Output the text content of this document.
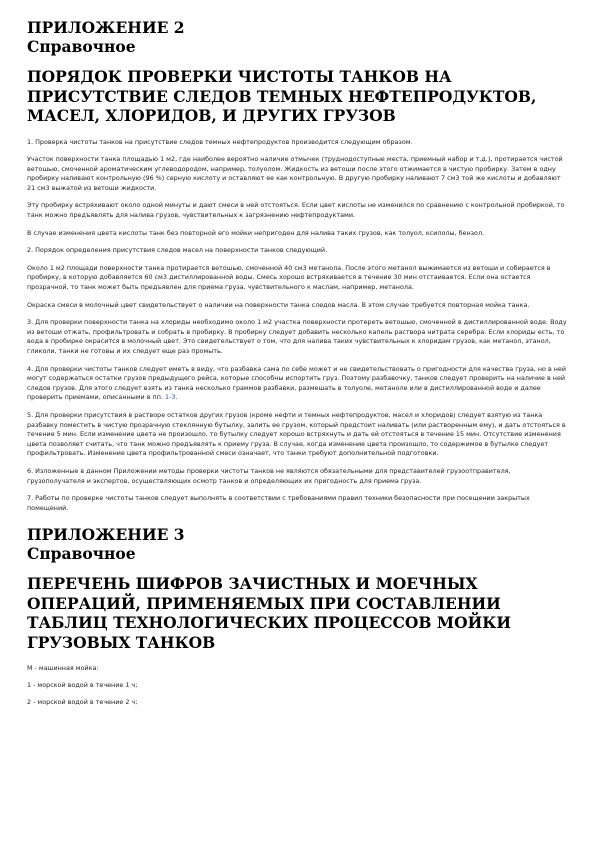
ПРИЛОЖЕНИЕ 2
Справочное
ПОРЯДОК ПРОВЕРКИ ЧИСТОТЫ ТАНКОВ НА ПРИСУТСТВИЕ СЛЕДОВ ТЕМНЫХ НЕФТЕПРОДУКТОВ, МАСЕЛ, ХЛОРИДОВ, И ДРУГИХ ГРУЗОВ

1. Проверка чистоты танков на присутствие следов темных нефтепродуктов производится следующим образом.

Участок поверхности танка площадью 1 м2, где наиболее вероятно наличие отмычек (труднодоступные места, приемный набор и т.д.), протирается чистой ветошью, смоченной ароматическим углеводородом, например, толуолом. Жидкость из ветоши после этого отжимается в чистую пробирку. Затем в одну пробирку наливают контрольную (96 %) серную кислоту и оставляют ее как контрольную. В другую пробирку наливают 7 см3 той же кислоты и добавляют 21 см3 выжатой из ветоши жидкости.

Эту пробирку встряхивают около одной минуты и дают смеси в ней отстояться. Если цвет кислоты не изменился по сравнению с контрольной пробиркой, то танк можно предъявлять для налива грузов, чувствительных к загрязнению нефтепродуктами.

В случае изменения цвета кислоты танк без повторной его мойки непригоден для налива таких грузов, как толуол, ксилолы, бензол.

2. Порядок определения присутствия следов масел на поверхности танков следующий.

Около 1 м2 площади поверхности танка протирается ветошью, смоченной 40 см3 метанола. После этого метанол выжимается из ветоши и собирается в пробирку, в которую добавляется 60 см3 дистиллированной воды. Смесь хорошо встряхивается в течение 30 мин отстаивается. Если она остается прозрачной, то танк может быть предъявлен для приема груза, чувствительного к маслам, например, метанола.

Окраска смеси в молочный цвет свидетельствует о наличии на поверхности танка следов масла. В этом случае требуется повторная мойка танка.

3. Для проверки поверхности танка на хлориды необходимо около 1 м2 участка поверхности протереть ветошью, смоченной в дистиллированной воде. Воду из ветоши отжать, профильтровать и собрать в пробирку. В пробирку следует добавить несколько капель раствора нитрата серебра. Если хлориды есть, то вода в пробирке окрасится в молочный цвет. Это свидетельствует о том, что для налива таких чувствительных к хлоридам грузов, как метанол, этанол, гликоли, танки не готовы и их следует еще раз промыть.

4. Для проверки чистоты танков следует иметь в виду, что разбавка сама по себе может и не свидетельствовать о пригодности для качества груза, но в ней могут содержаться остатки грузов предыдущего рейса, которые способны испортить груз. Поэтому разбавочку, танков следует проверить на наличие в ней следов грузов. Для этого следует взять из танка несколько граммов разбавки, размешать в толуоле, метаноле или в дистиллированной воде и далее проверить приемами, описанными в пп. 1-3.

5. Для проверки присутствия в растворе остатков других грузов (кроме нефти и темных нефтепродуктов, масел и хлоридов) следует взятую из танка разбавку поместить в чистую прозрачную стеклянную бутылку, залить ее грузом, который предстоит наливать (или растворенным ему), и дать отстояться в течение 5 мин. Если изменение цвета не произошло, то бутылку следует хорошо встряхнуть и дать ей отстояться в течение 15 мин. Отсутствие изменения цвета позволяет считать, что танк можно предъявлять к приему груза. В случае, когда изменение цвета произошло, то содержимое в бутылке следует профильтровать. Изменение цвета профильтрованной смеси означает, что танки требуют дополнительной подготовки.

6. Изложенные в данном Приложении методы проверки чистоты танков не являются обязательными для представителей грузоотправителя, грузополучателя и экспертов, осуществляющих осмотр танков и определяющих их пригодность для приема груза.

7. Работы по проверке чистоты танков следует выполнять в соответствии с требованиями правил техники безопасности при посещении закрытых помещений.

ПРИЛОЖЕНИЕ 3
Справочное
ПЕРЕЧЕНЬ ШИФРОВ ЗАЧИСТНЫХ И МОЕЧНЫХ ОПЕРАЦИЙ, ПРИМЕНЯЕМЫХ ПРИ СОСТАВЛЕНИИ ТАБЛИЦ ТЕХНОЛОГИЧЕСКИХ ПРОЦЕССОВ МОЙКИ ГРУЗОВЫХ ТАНКОВ

M - машинная мойка:

1 - морской водой в течение 1 ч;

2 - морской водой в течение 2 ч;
